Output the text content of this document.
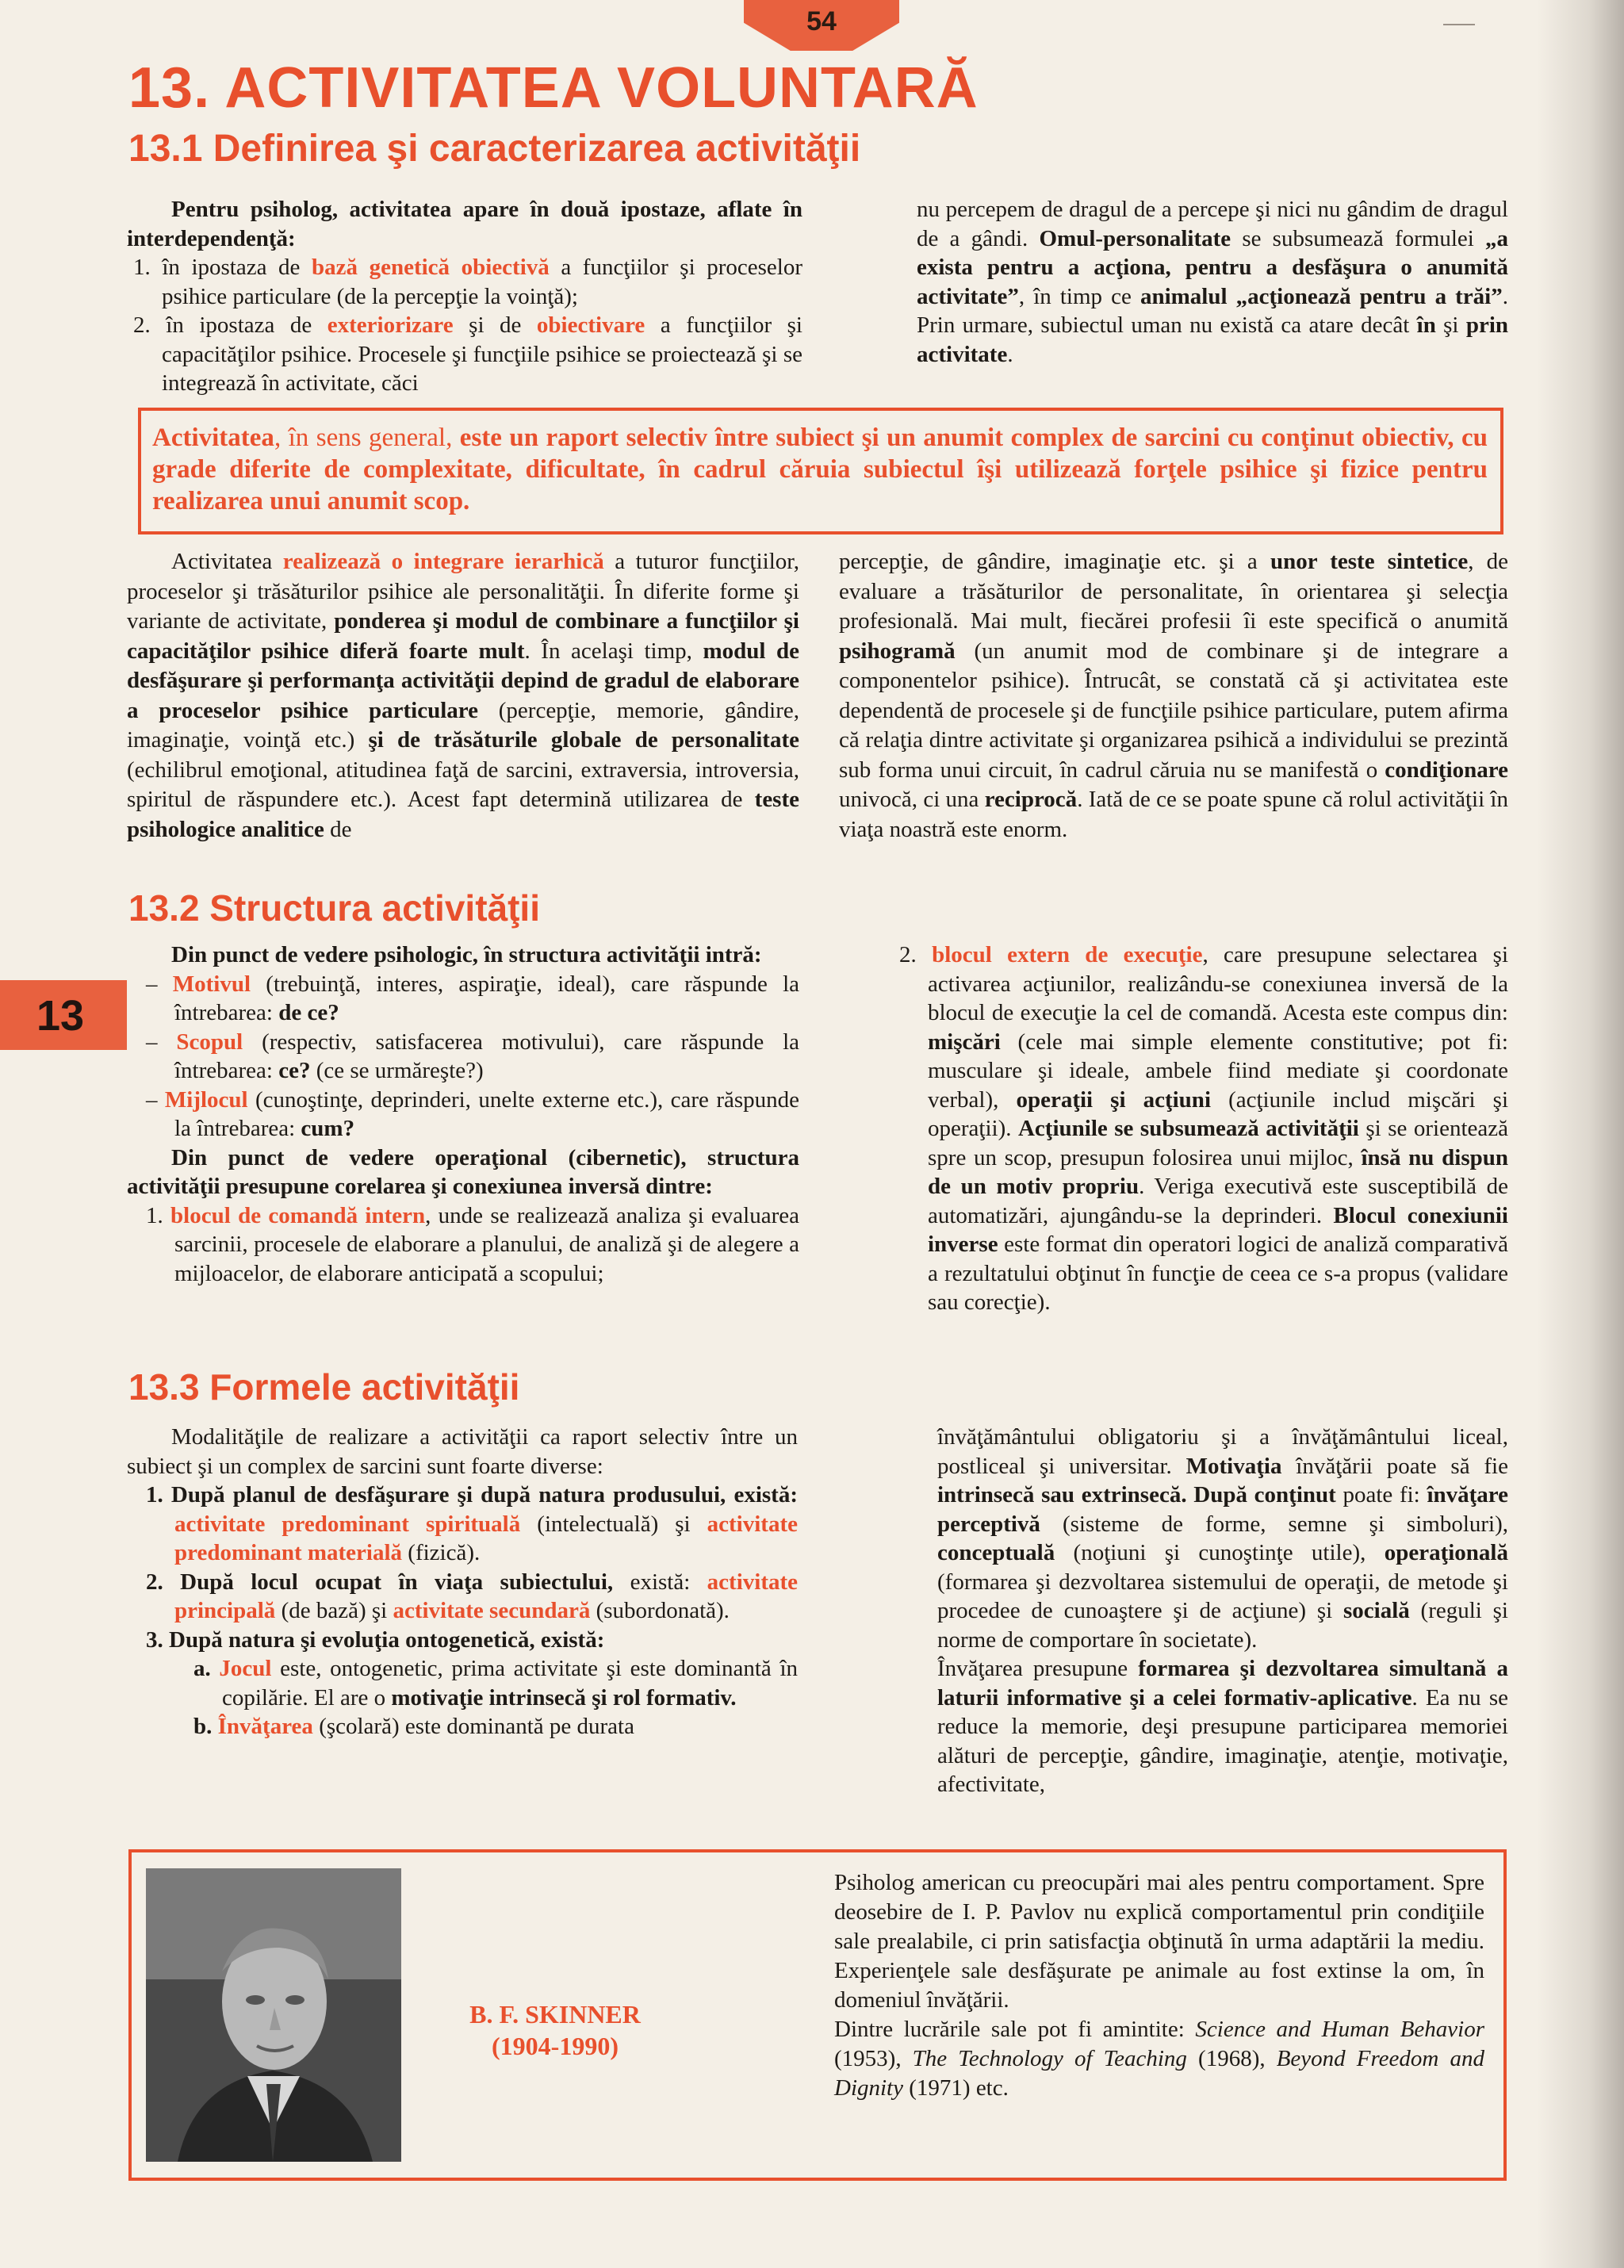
54
13. ACTIVITATEA VOLUNTARĂ
13.1 Definirea şi caracterizarea activităţii

Pentru psiholog, activitatea apare în două ipostaze, aflate în interdependenţă:

1. în ipostaza de bază genetică obiectivă a funcţiilor şi proceselor psihice particulare (de la percepţie la voinţă);

2. în ipostaza de exteriorizare şi de obiectivare a funcţiilor şi capacităţilor psihice. Procesele şi funcţiile psihice se proiectează şi se integrează în activitate, căci

nu percepem de dragul de a percepe şi nici nu gândim de dragul de a gândi. Omul-personalitate se subsumează formulei „a exista pentru a acţiona, pentru a desfăşura o anumită activitate”, în timp ce animalul „acţionează pentru a trăi”. Prin urmare, subiectul uman nu există ca atare decât în şi prin activitate.

Activitatea, în sens general, este un raport selectiv între subiect şi un anumit complex de sarcini cu conţinut obiectiv, cu grade diferite de complexitate, dificultate, în cadrul căruia subiectul îşi utilizează forţele psihice şi fizice pentru realizarea unui anumit scop.

Activitatea realizează o integrare ierarhică a tuturor funcţiilor, proceselor şi trăsăturilor psihice ale personalităţii. În diferite forme şi variante de activitate, ponderea şi modul de combinare a funcţiilor şi capacităţilor psihice diferă foarte mult. În acelaşi timp, modul de desfăşurare şi performanţa activităţii depind de gradul de elaborare a proceselor psihice particulare (percepţie, memorie, gândire, imaginaţie, voinţă etc.) şi de trăsăturile globale de personalitate (echilibrul emoţional, atitudinea faţă de sarcini, extraversia, introversia, spiritul de răspundere etc.). Acest fapt determină utilizarea de teste psihologice analitice de

percepţie, de gândire, imaginaţie etc. şi a unor teste sintetice, de evaluare a trăsăturilor de personalitate, în orientarea şi selecţia profesională. Mai mult, fiecărei profesii îi este specifică o anumită psihogramă (un anumit mod de combinare şi de integrare a componentelor psihice). Întrucât, se constată că şi activitatea este dependentă de procesele şi de funcţiile psihice particulare, putem afirma că relaţia dintre activitate şi organizarea psihică a individului se prezintă sub forma unui circuit, în cadrul căruia nu se manifestă o condiţionare univocă, ci una reciprocă. Iată de ce se poate spune că rolul activităţii în viaţa noastră este enorm.

13.2 Structura activităţii
13

Din punct de vedere psihologic, în structura activităţii intră:

– Motivul (trebuinţă, interes, aspiraţie, ideal), care răspunde la întrebarea: de ce?

– Scopul (respectiv, satisfacerea motivului), care răspunde la întrebarea: ce? (ce se urmăreşte?)

– Mijlocul (cunoştinţe, deprinderi, unelte externe etc.), care răspunde la întrebarea: cum?

Din punct de vedere operaţional (cibernetic), structura activităţii presupune corelarea şi conexiunea inversă dintre:

1. blocul de comandă intern, unde se realizează analiza şi evaluarea sarcinii, procesele de elaborare a planului, de analiză şi de alegere a mijloacelor, de elaborare anticipată a scopului;

2. blocul extern de execuţie, care presupune selectarea şi activarea acţiunilor, realizându-se conexiunea inversă de la blocul de execuţie la cel de comandă. Acesta este compus din: mişcări (cele mai simple elemente constitutive; pot fi: musculare şi ideale, ambele fiind mediate şi coordonate verbal), operaţii şi acţiuni (acţiunile includ mişcări şi operaţii). Acţiunile se subsumează activităţii şi se orientează spre un scop, presupun folosirea unui mijloc, însă nu dispun de un motiv propriu. Veriga executivă este susceptibilă de automatizări, ajungându-se la deprinderi. Blocul conexiunii inverse este format din operatori logici de analiză comparativă a rezultatului obţinut în funcţie de ceea ce s-a propus (validare sau corecţie).

13.3 Formele activităţii

Modalităţile de realizare a activităţii ca raport selectiv între un subiect şi un complex de sarcini sunt foarte diverse:

1. După planul de desfăşurare şi după natura produsului, există: activitate predominant spirituală (intelectuală) şi activitate predominant materială (fizică).

2. După locul ocupat în viaţa subiectului, există: activitate principală (de bază) şi activitate secundară (subordonată).

3. După natura şi evoluţia ontogenetică, există:

a. Jocul este, ontogenetic, prima activitate şi este dominantă în copilărie. El are o motivaţie intrinsecă şi rol formativ.

b. Învăţarea (şcolară) este dominantă pe durata

învăţământului obligatoriu şi a învăţământului liceal, postliceal şi universitar. Motivaţia învăţării poate să fie intrinsecă sau extrinsecă. După conţinut poate fi: învăţare perceptivă (sisteme de forme, semne şi simboluri), conceptuală (noţiuni şi cunoştinţe utile), operaţională (formarea şi dezvoltarea sistemului de operaţii, de metode şi procedee de cunoaştere şi de acţiune) şi socială (reguli şi norme de comportare în societate).

Învăţarea presupune formarea şi dezvoltarea simultană a laturii informative şi a celei formativ-aplicative. Ea nu se reduce la memorie, deşi presupune participarea memoriei alături de percepţie, gândire, imaginaţie, atenţie, motivaţie, afectivitate,

B. F. SKINNER
(1904-1990)

Psiholog american cu preocupări mai ales pentru comportament. Spre deosebire de I. P. Pavlov nu explică comportamentul prin condiţiile sale prealabile, ci prin satisfacţia obţinută în urma adaptării la mediu. Experienţele sale desfăşurate pe animale au fost extinse la om, în domeniul învăţării.

Dintre lucrările sale pot fi amintite: Science and Human Behavior (1953), The Technology of Teaching (1968), Beyond Freedom and Dignity (1971) etc.
